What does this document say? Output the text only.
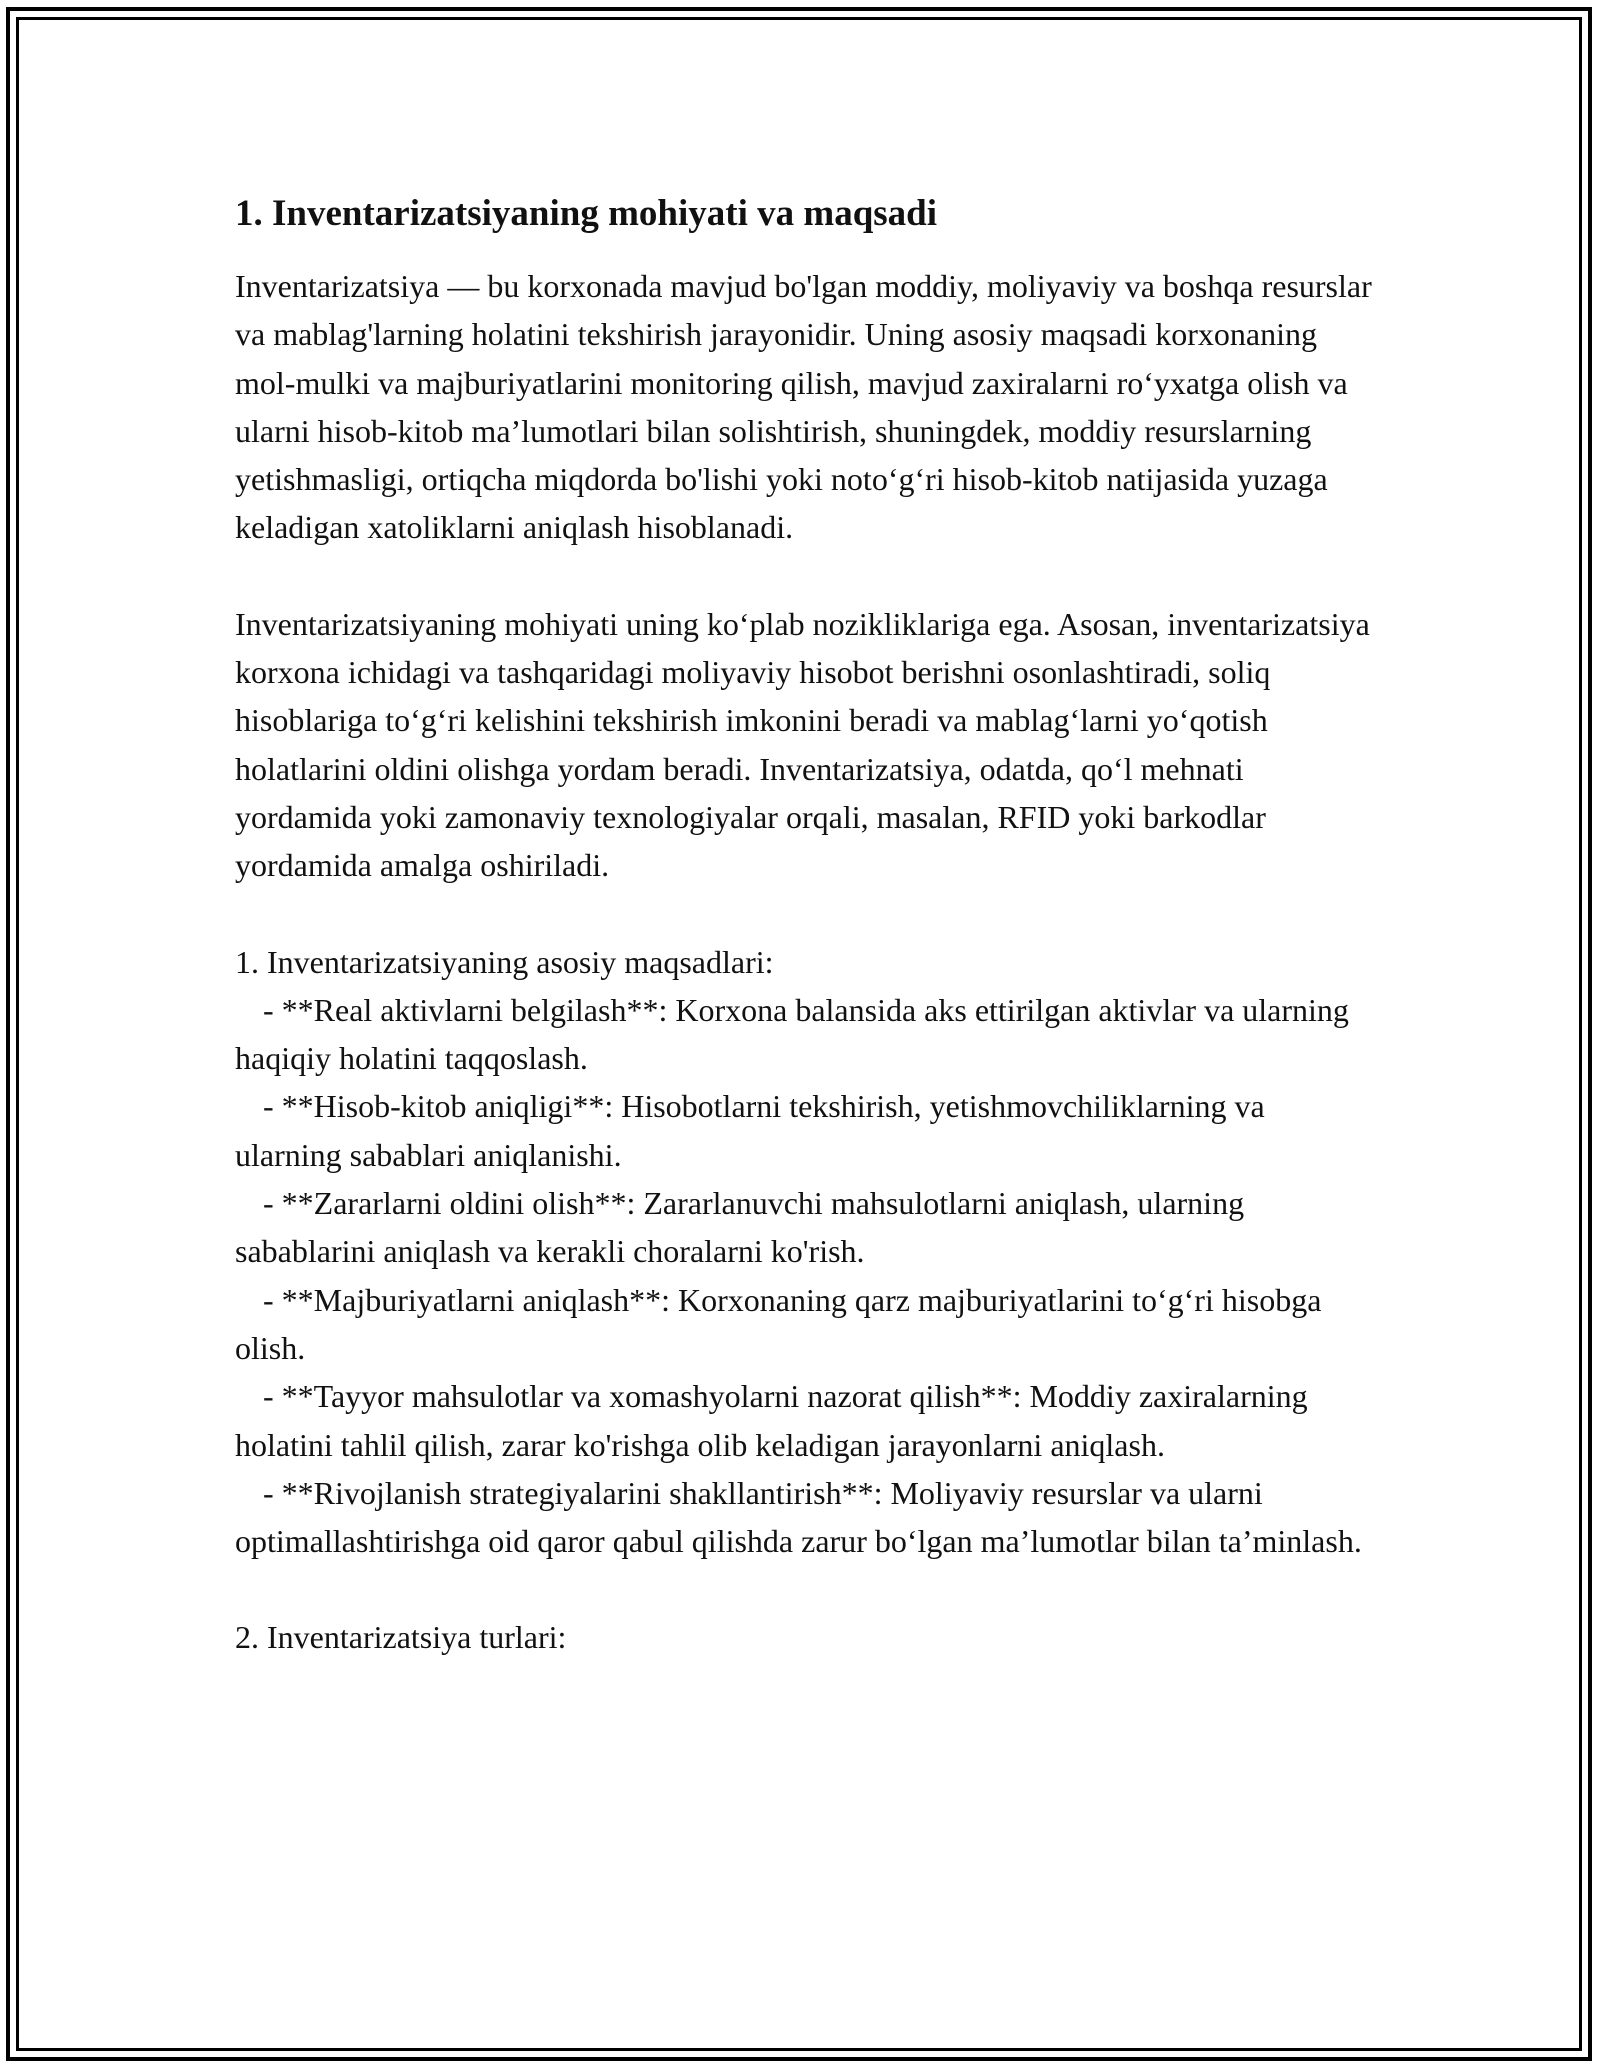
1. Inventarizatsiyaning mohiyati va maqsadi

Inventarizatsiya — bu korxonada mavjud bo'lgan moddiy, moliyaviy va boshqa resurslar va mablag'larning holatini tekshirish jarayonidir. Uning asosiy maqsadi korxonaning mol-mulki va majburiyatlarini monitoring qilish, mavjud zaxiralarni ro‘yxatga olish va ularni hisob-kitob ma’lumotlari bilan solishtirish, shuningdek, moddiy resurslarning yetishmasligi, ortiqcha miqdorda bo'lishi yoki noto‘g‘ri hisob-kitob natijasida yuzaga keladigan xatoliklarni aniqlash hisoblanadi.

Inventarizatsiyaning mohiyati uning ko‘plab nozikliklariga ega. Asosan, inventarizatsiya korxona ichidagi va tashqaridagi moliyaviy hisobot berishni osonlashtiradi, soliq hisoblariga to‘g‘ri kelishini tekshirish imkonini beradi va mablag‘larni yo‘qotish holatlarini oldini olishga yordam beradi. Inventarizatsiya, odatda, qo‘l mehnati yordamida yoki zamonaviy texnologiyalar orqali, masalan, RFID yoki barkodlar yordamida amalga oshiriladi.

1. Inventarizatsiyaning asosiy maqsadlari:
- **Real aktivlarni belgilash**: Korxona balansida aks ettirilgan aktivlar va ularning haqiqiy holatini taqqoslash.
- **Hisob-kitob aniqligi**: Hisobotlarni tekshirish, yetishmovchiliklarning va ularning sabablari aniqlanishi.
- **Zararlarni oldini olish**: Zararlanuvchi mahsulotlarni aniqlash, ularning sabablarini aniqlash va kerakli choralarni ko'rish.
- **Majburiyatlarni aniqlash**: Korxonaning qarz majburiyatlarini to‘g‘ri hisobga olish.
- **Tayyor mahsulotlar va xomashyolarni nazorat qilish**: Moddiy zaxiralarning holatini tahlil qilish, zarar ko'rishga olib keladigan jarayonlarni aniqlash.
- **Rivojlanish strategiyalarini shakllantirish**: Moliyaviy resurslar va ularni optimallashtirishga oid qaror qabul qilishda zarur bo‘lgan ma’lumotlar bilan ta’minlash.

2. Inventarizatsiya turlari:
